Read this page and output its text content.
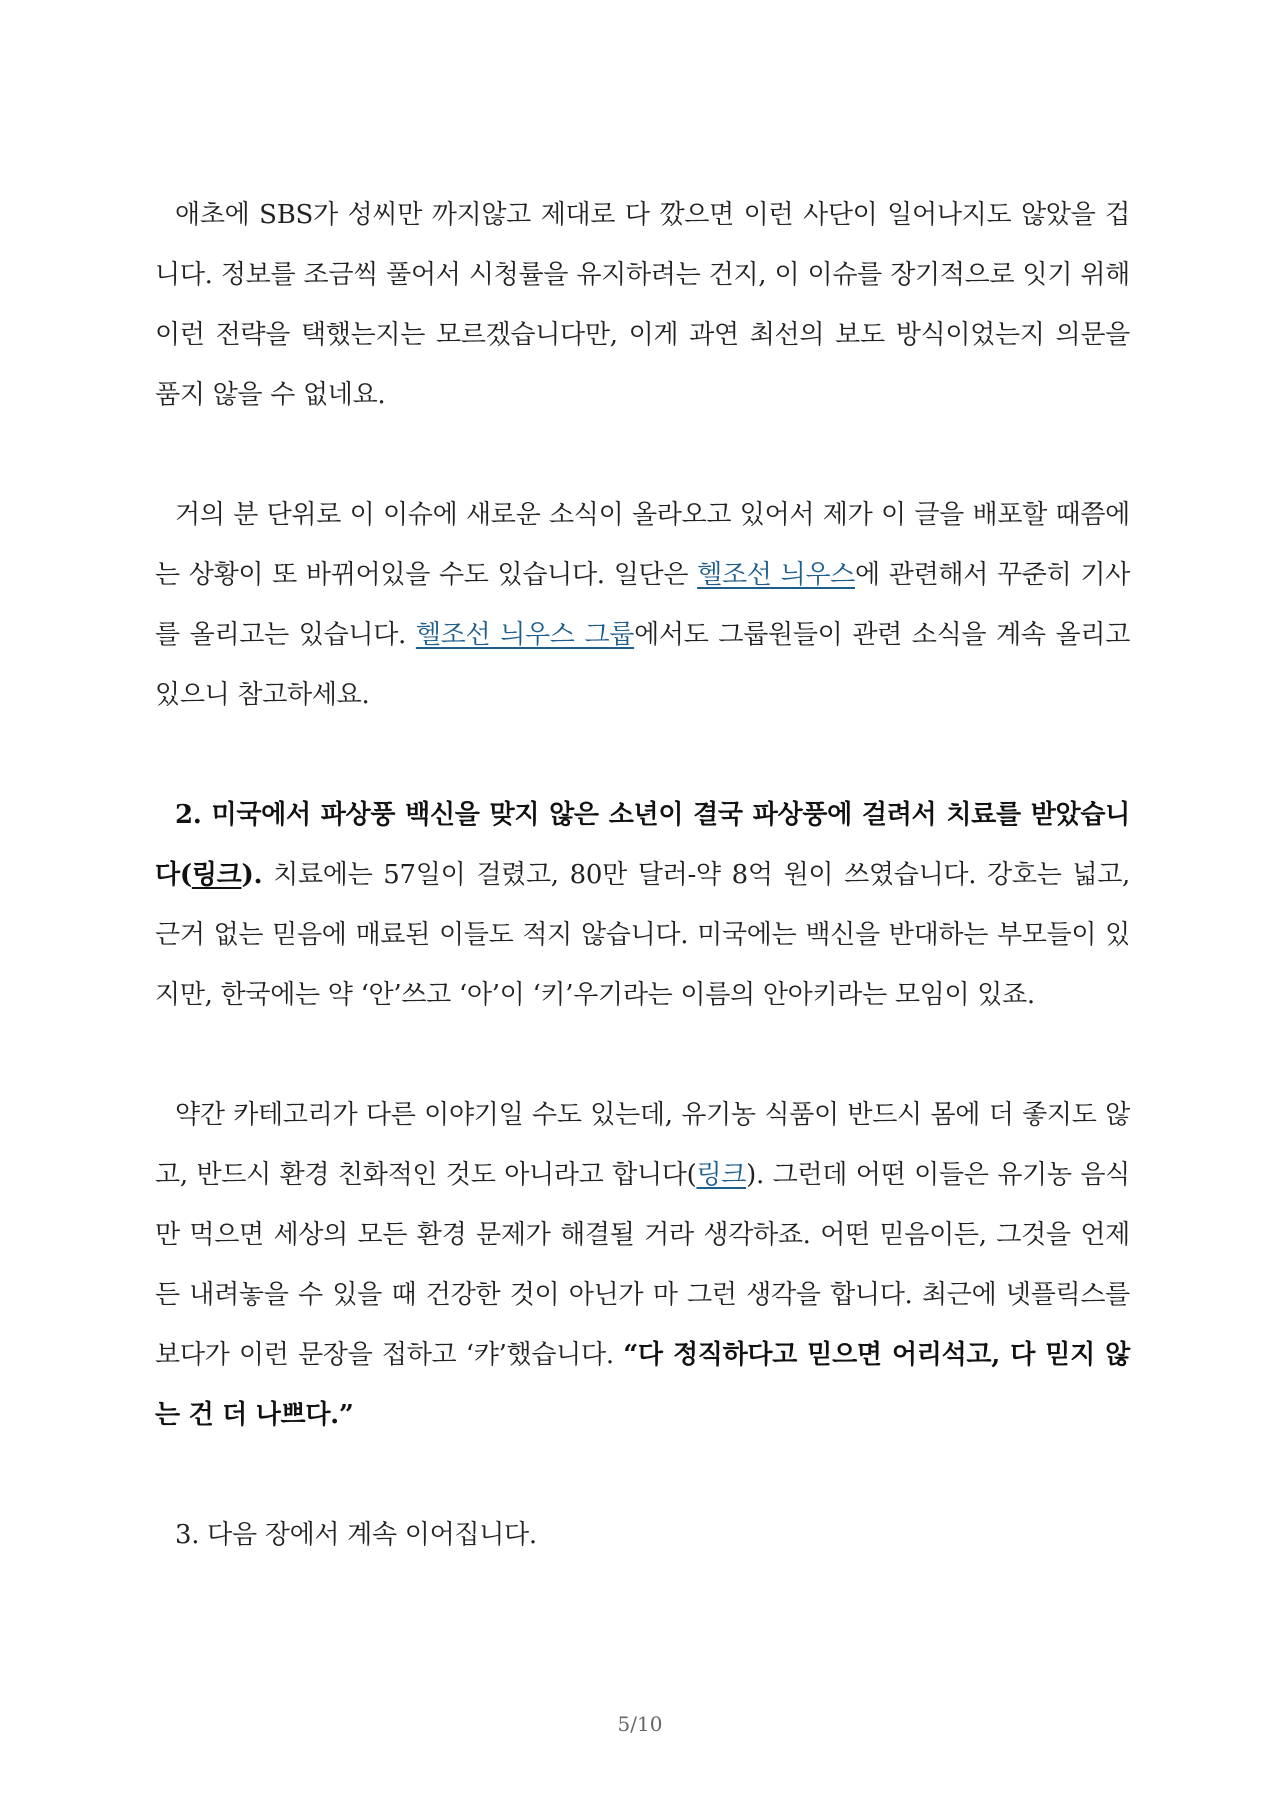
애초에 SBS가 성씨만 까지않고 제대로 다 깠으면 이런 사단이 일어나지도 않았을 겁니다. 정보를 조금씩 풀어서 시청률을 유지하려는 건지, 이 이슈를 장기적으로 잇기 위해 이런 전략을 택했는지는 모르겠습니다만, 이게 과연 최선의 보도 방식이었는지 의문을 품지 않을 수 없네요.

거의 분 단위로 이 이슈에 새로운 소식이 올라오고 있어서 제가 이 글을 배포할 때쯤에는 상황이 또 바뀌어있을 수도 있습니다. 일단은 헬조선 늬우스에 관련해서 꾸준히 기사를 올리고는 있습니다. 헬조선 늬우스 그룹에서도 그룹원들이 관련 소식을 계속 올리고 있으니 참고하세요.

2. 미국에서 파상풍 백신을 맞지 않은 소년이 결국 파상풍에 걸려서 치료를 받았습니다(링크). 치료에는 57일이 걸렸고, 80만 달러-약 8억 원이 쓰였습니다. 강호는 넓고, 근거 없는 믿음에 매료된 이들도 적지 않습니다. 미국에는 백신을 반대하는 부모들이 있지만, 한국에는 약 ‘안’쓰고 ‘아’이 ‘키’우기라는 이름의 안아키라는 모임이 있죠.

약간 카테고리가 다른 이야기일 수도 있는데, 유기농 식품이 반드시 몸에 더 좋지도 않고, 반드시 환경 친화적인 것도 아니라고 합니다(링크). 그런데 어떤 이들은 유기농 음식만 먹으면 세상의 모든 환경 문제가 해결될 거라 생각하죠. 어떤 믿음이든, 그것을 언제든 내려놓을 수 있을 때 건강한 것이 아닌가 마 그런 생각을 합니다. 최근에 넷플릭스를 보다가 이런 문장을 접하고 ‘캬’했습니다. “다 정직하다고 믿으면 어리석고, 다 믿지 않는 건 더 나쁘다.”

3. 다음 장에서 계속 이어집니다.

5/10
